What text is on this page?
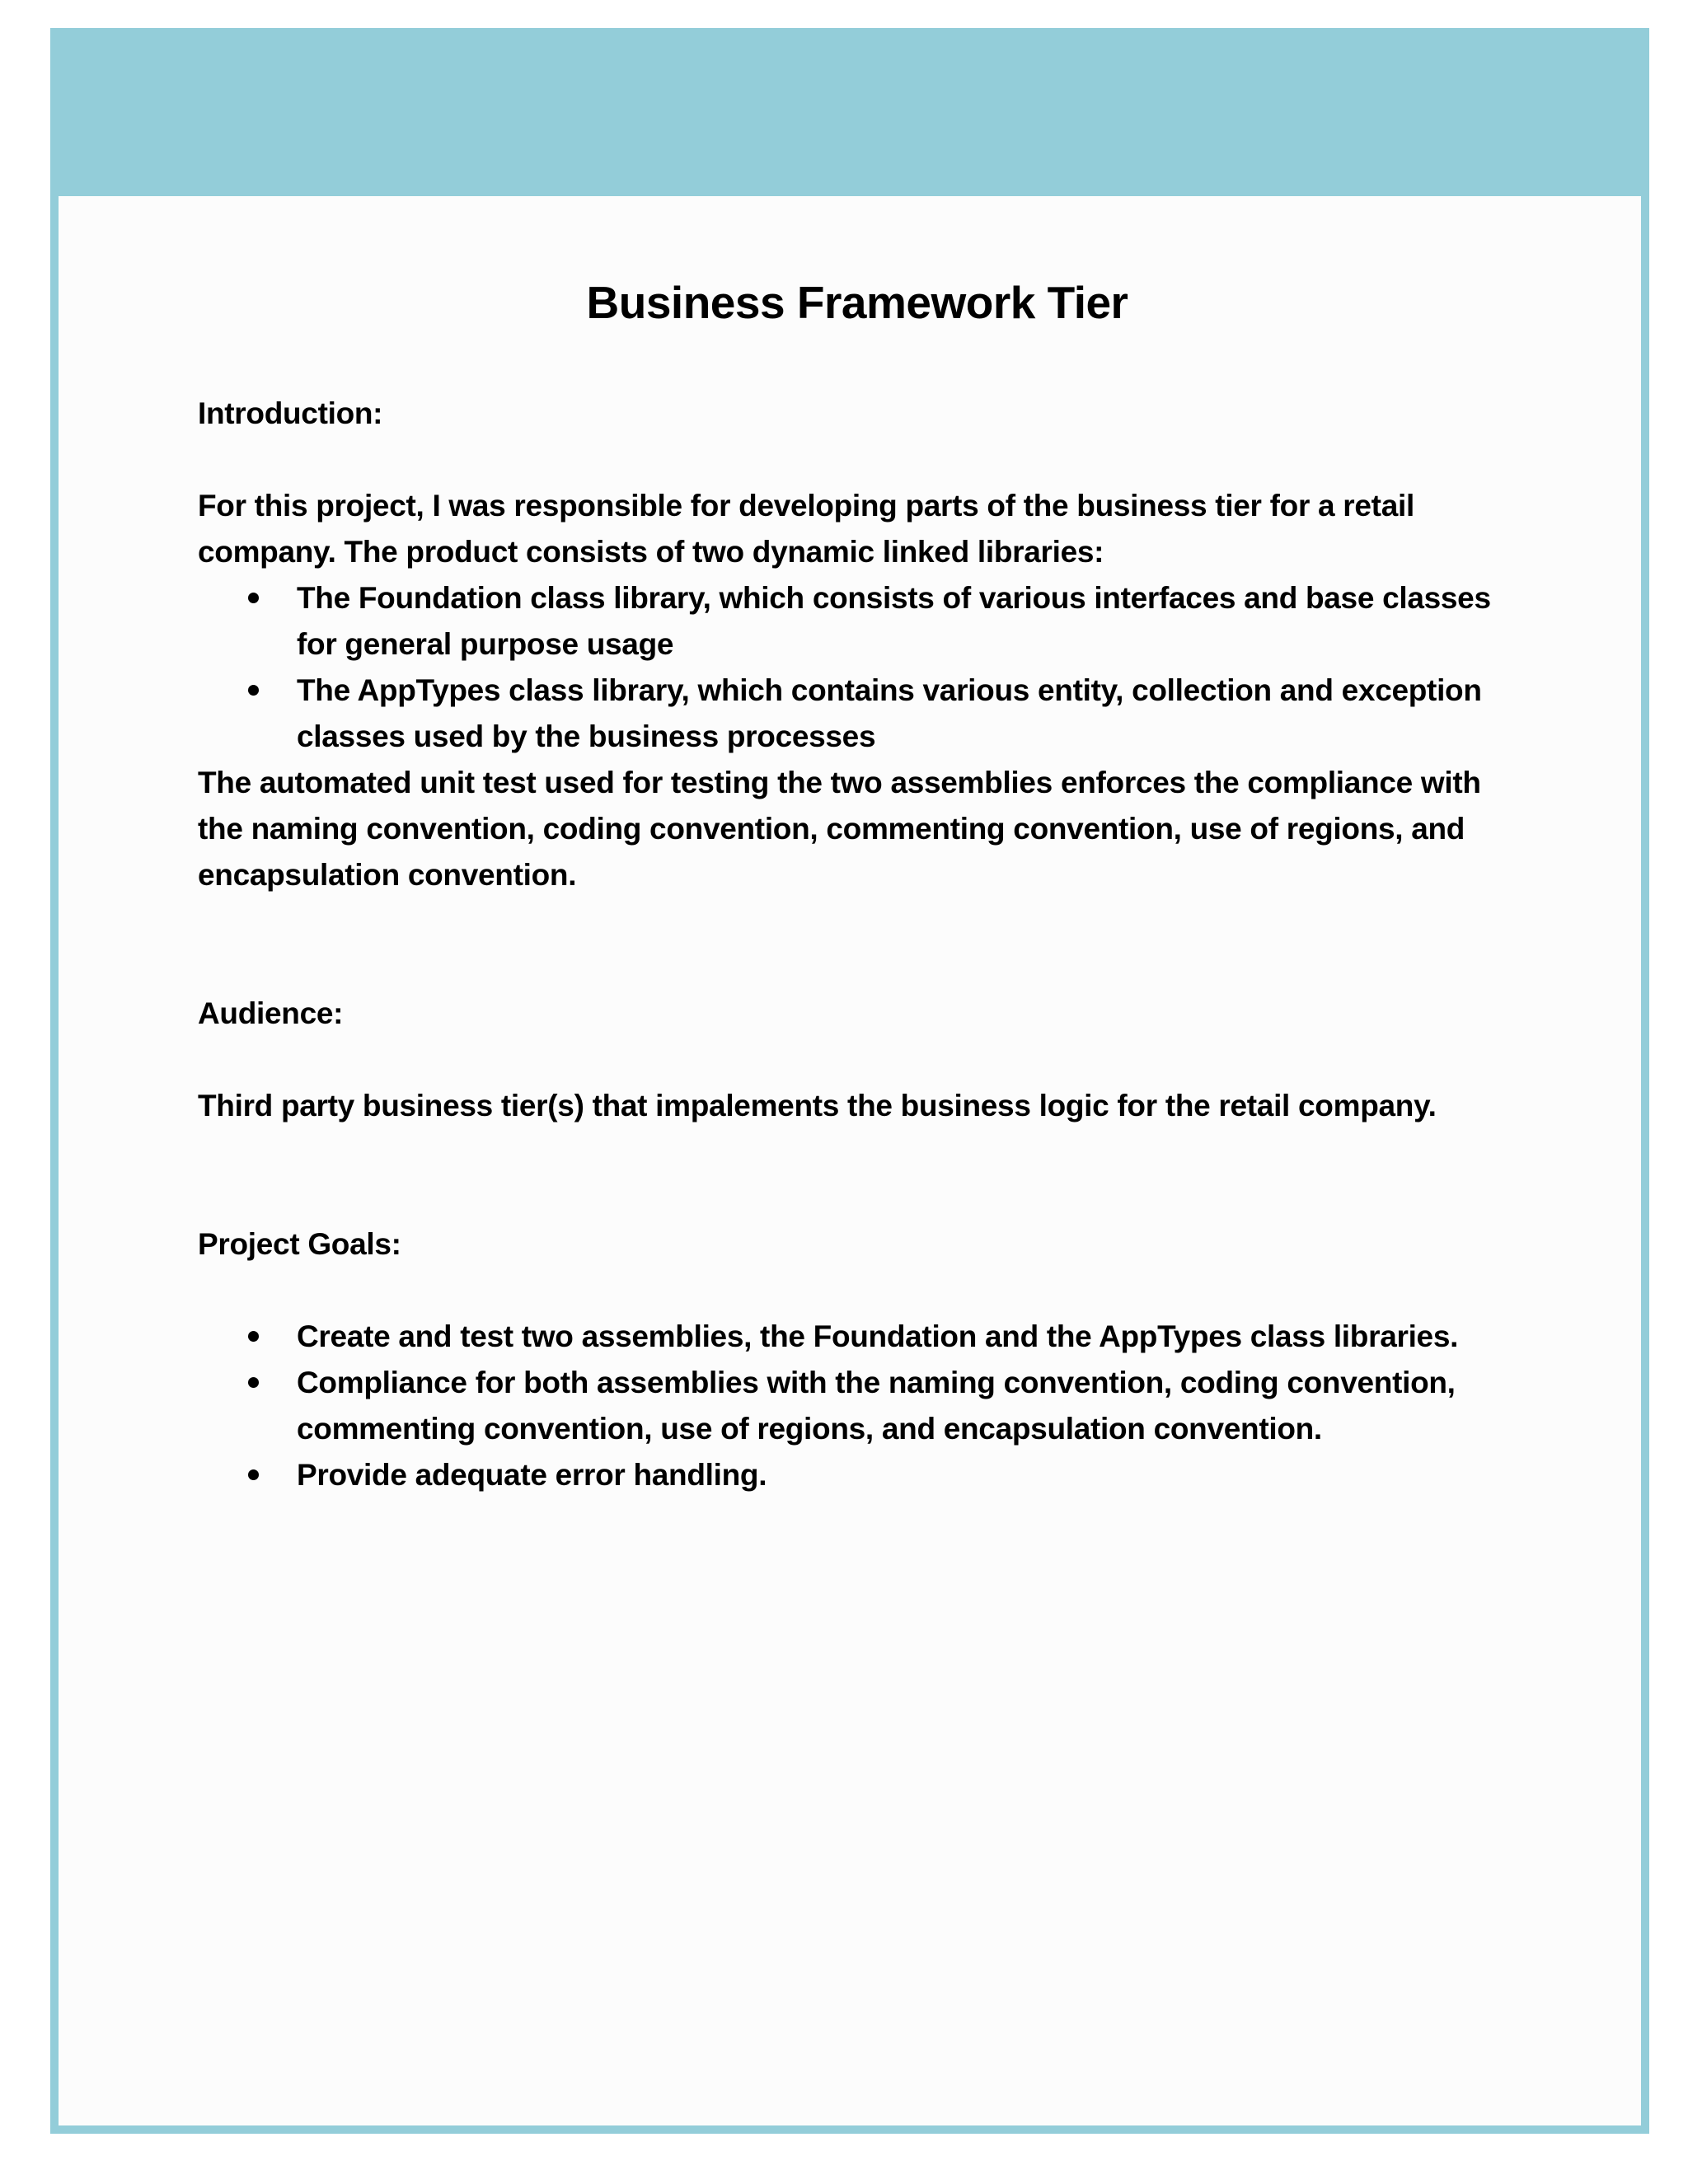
Business Framework Tier

Introduction:

For this project, I was responsible for developing parts of the business tier for a retail company. The product consists of two dynamic linked libraries:

The Foundation class library, which consists of various interfaces and base classes for general purpose usage
The AppTypes class library, which contains various entity, collection and exception classes used by the business processes

The automated unit test used for testing the two assemblies enforces the compliance with the naming convention, coding convention, commenting convention, use of regions, and encapsulation convention.

Audience:

Third party business tier(s) that impalements the business logic for the retail company.

Project Goals:

Create and test two assemblies, the Foundation and the AppTypes class libraries.
Compliance for both assemblies with the naming convention, coding convention, commenting convention, use of regions, and encapsulation convention.
Provide adequate error handling.
